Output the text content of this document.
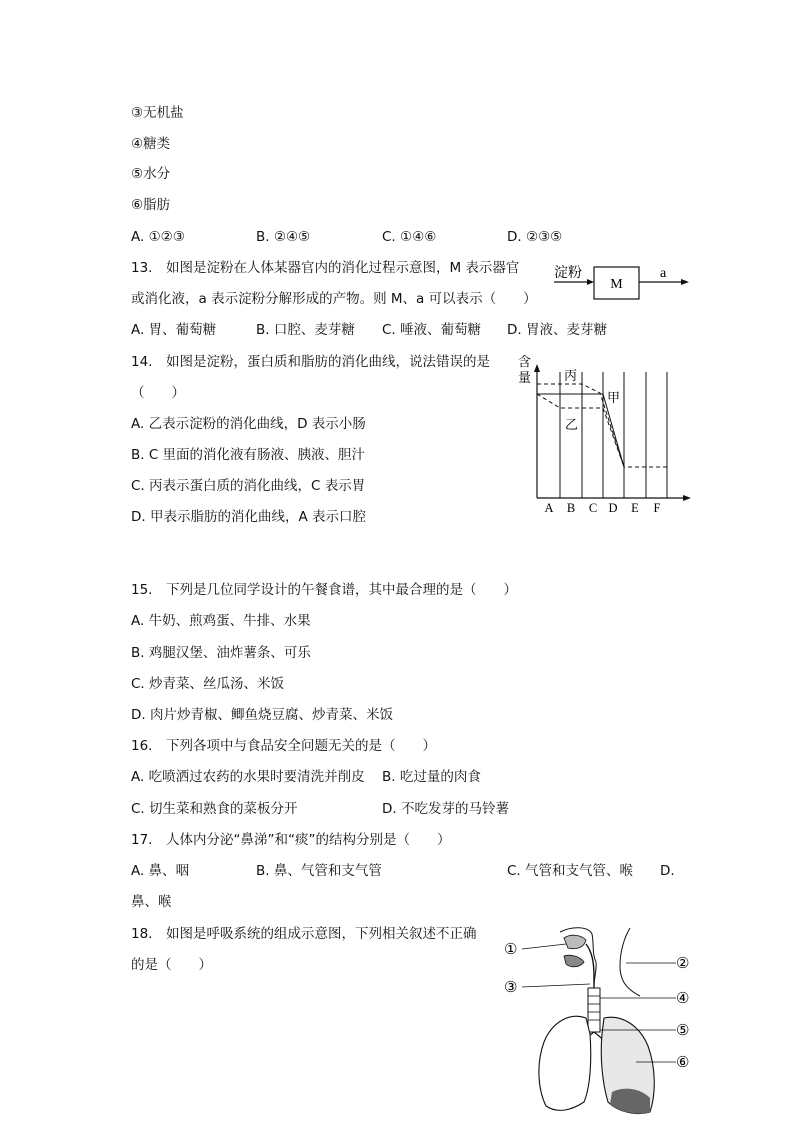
③无机盐
④糖类
⑤水分
⑥脂肪
A. ①②③	B. ②④⑤	C. ①④⑥	D. ②③⑤
13.　如图是淀粉在人体某器官内的消化过程示意图，M 表示器官
或消化液，a 表示淀粉分解形成的产物。则 M、a 可以表示（　　）
A. 胃、葡萄糖	B. 口腔、麦芽糖 C. 唾液、葡萄糖 D. 胃液、麦芽糖
淀粉
M
a
14.　如图是淀粉，蛋白质和脂肪的消化曲线，说法错误的是
（　　）
A. 乙表示淀粉的消化曲线，D 表示小肠
B. C 里面的消化液有肠液、胰液、胆汁
C. 丙表示蛋白质的消化曲线，C 表示胃
D. 甲表示脂肪的消化曲线，A 表示口腔
含
量	丙
甲
乙
A B C D E F
15.　下列是几位同学设计的午餐食谱，其中最合理的是（　　）
A. 牛奶、煎鸡蛋、牛排、水果
B. 鸡腿汉堡、油炸薯条、可乐
C. 炒青菜、丝瓜汤、米饭
D. 肉片炒青椒、鲫鱼烧豆腐、炒青菜、米饭
16.　下列各项中与食品安全问题无关的是（　　）
A. 吃喷洒过农药的水果时要清洗并削皮 B. 吃过量的肉食
C. 切生菜和熟食的菜板分开	D. 不吃发芽的马铃薯
17.　人体内分泌“鼻涕”和“痰”的结构分别是（　　）
A. 鼻、咽	B. 鼻、气管和支气管	C. 气管和支气管、喉 D.
鼻、喉
18.　如图是呼吸系统的组成示意图，下列相关叙述不正确
的是（　　）
①
②
③
④
⑤
⑥
